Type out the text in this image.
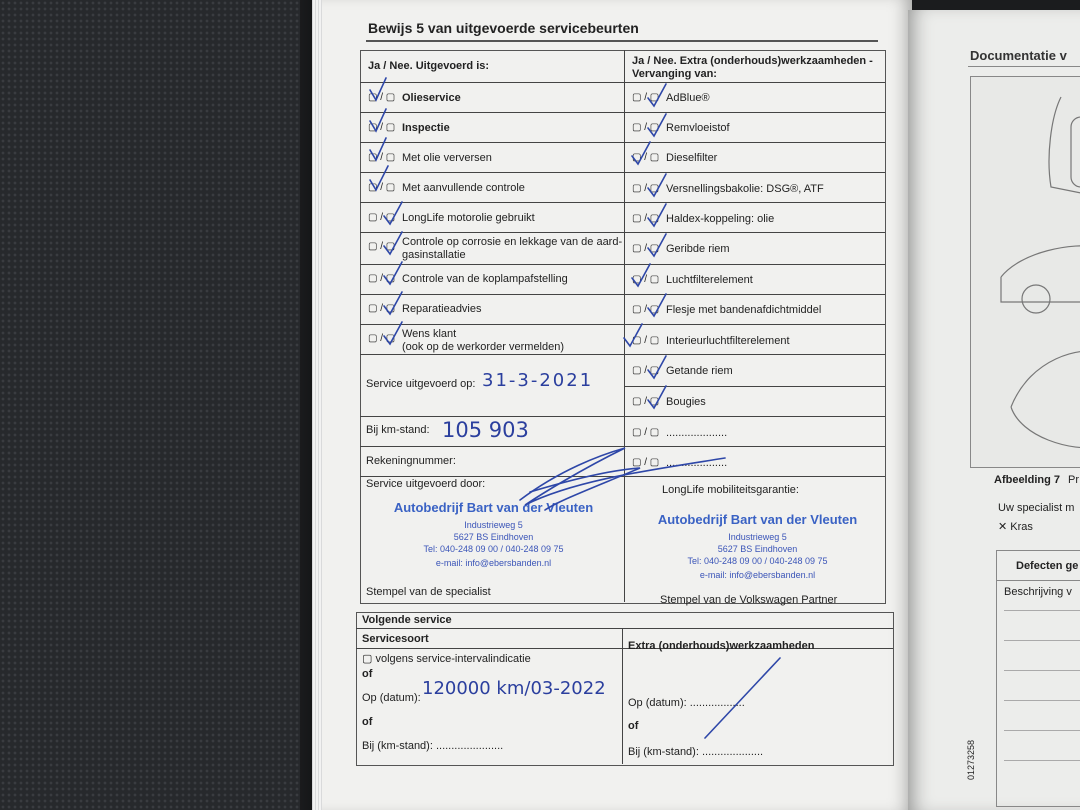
Bewijs 5 van uitgevoerde servicebeurten
Ja / Nee. Uitgevoerd is:	Ja / Nee. Extra (onderhouds)werkzaamheden -
Vervanging van:
▢ / ▢ Olieservice
▢ / ▢ Inspectie
▢ / ▢ Met olie verversen
▢ / ▢ Met aanvullende controle
▢ / ▢ LongLife motorolie gebruikt
▢ / ▢ Controle op corrosie en lekkage van de aard-
gasinstallatie
▢ / ▢ Controle van de koplampafstelling
▢ / ▢ Reparatieadvies
▢ / ▢ Wens klant
(ook op de werkorder vermelden)
▢ / ▢ AdBlue®
▢ / ▢ Remvloeistof
▢ / ▢ Dieselfilter
▢ / ▢ Versnellingsbakolie: DSG®, ATF
▢ / ▢ Haldex-koppeling: olie
▢ / ▢ Geribde riem
▢ / ▢ Luchtfilterelement
▢ / ▢ Flesje met bandenafdichtmiddel
▢ / ▢ Interieurluchtfilterelement
▢ / ▢ Getande riem
▢ / ▢ Bougies
▢ / ▢ ....................
▢ / ▢ ....................
Service uitgevoerd op: 31-3-2021
Bij km-stand: 105 903
Rekeningnummer:
Service uitgevoerd door:	LongLife mobiliteitsgarantie:
Stempel van de specialist
Stempel van de Volkswagen Partner
Autobedrijf Bart van der Vleuten
Industrieweg 5
5627 BS Eindhoven
Tel: 040-248 09 00 / 040-248 09 75
e-mail: info@ebersbanden.nl
Autobedrijf Bart van der Vleuten
Industrieweg 5
5627 BS Eindhoven
Tel: 040-248 09 00 / 040-248 09 75
e-mail: info@ebersbanden.nl
Volgende service
Servicesoort
Extra (onderhouds)werkzaamheden
▢ volgens service-intervalindicatie
of
Op (datum): 120000 km/03-2022
of
Bij (km-stand): ......................
Op (datum): ..................
of
Bij (km-stand): ....................
Documentatie v
Afbeelding 7 Pr
Uw specialist m
✕ Kras
Defecten ge
Beschrijving v
01273258
